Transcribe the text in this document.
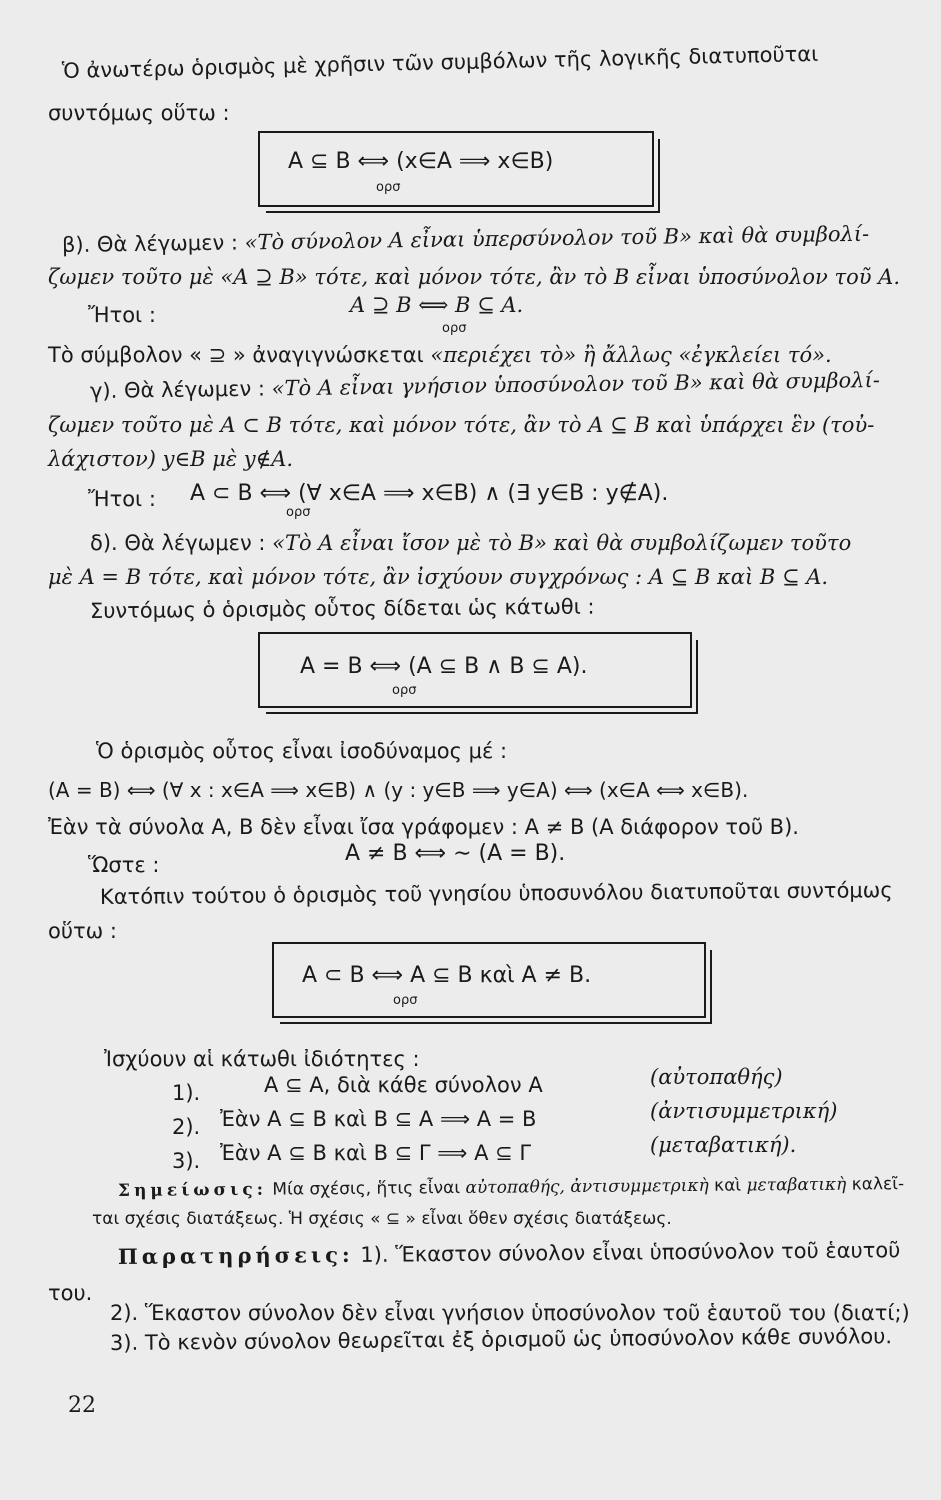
Ὁ ἀνωτέρω ὁρισμὸς μὲ χρῆσιν τῶν συμβόλων τῆς λογικῆς διατυποῦται
συντόμως οὕτω :
A ⊆ B ⟺ (x∈A ⟹ x∈B)
ορσ
β). Θὰ λέγωμεν : «Τὸ σύνολον A εἶναι ὑπερσύνολον τοῦ B» καὶ θὰ συμβολί-
ζωμεν τοῦτο μὲ «A ⊇ B» τότε, καὶ μόνον τότε, ἂν τὸ B εἶναι ὑποσύνολον τοῦ A.
Ἤτοι :	A ⊇ B ⟺ B ⊆ A.
ορσ
Τὸ σύμβολον « ⊇ » ἀναγιγνώσκεται «περιέχει τὸ» ἢ ἄλλως «ἐγκλείει τό».
γ). Θὰ λέγωμεν : «Τὸ A εἶναι γνήσιον ὑποσύνολον τοῦ B» καὶ θὰ συμβολί-
ζωμεν τοῦτο μὲ A ⊂ B τότε, καὶ μόνον τότε, ἂν τὸ A ⊆ B καὶ ὑπάρχει ἓν (τοὐ-
λάχιστον) y∈B μὲ y∉A.
Ἤτοι : A ⊂ B ⟺ (∀ x∈A ⟹ x∈B) ∧ (∃ y∈B : y∉A).
ορσ
δ). Θὰ λέγωμεν : «Τὸ A εἶναι ἴσον μὲ τὸ B» καὶ θὰ συμβολίζωμεν τοῦτο
μὲ A = B τότε, καὶ μόνον τότε, ἂν ἰσχύουν συγχρόνως : A ⊆ B καὶ B ⊆ A.
Συντόμως ὁ ὁρισμὸς οὗτος δίδεται ὡς κάτωθι :
A = B ⟺ (A ⊆ B ∧ B ⊆ A).
ορσ
Ὁ ὁρισμὸς οὗτος εἶναι ἰσοδύναμος μέ :
(A = B) ⟺ (∀ x : x∈A ⟹ x∈B) ∧ (y : y∈B ⟹ y∈A) ⟺ (x∈A ⟺ x∈B).
Ἐὰν τὰ σύνολα A, B δὲν εἶναι ἴσα γράφομεν : A ≠ B (A διάφορον τοῦ B).
Ὥστε :	A ≠ B ⟺ ∼ (A = B).
Κατόπιν τούτου ὁ ὁρισμὸς τοῦ γνησίου ὑποσυνόλου διατυποῦται συντόμως
οὕτω :
A ⊂ B ⟺ A ⊆ B καὶ A ≠ B.
ορσ
Ἰσχύουν αἱ κάτωθι ἰδιότητες :
1).	A ⊆ A, διὰ κάθε σύνολον A	(αὐτοπαθής)
2). Ἐὰν A ⊆ B καὶ B ⊆ A ⟹ A = B	(ἀντισυμμετρική)
3). Ἐὰν A ⊆ B καὶ B ⊆ Γ ⟹ A ⊆ Γ	(μεταβατική).
Σημείωσις: Μία σχέσις, ἥτις εἶναι αὐτοπαθής, ἀντισυμμετρικὴ καὶ μεταβατικὴ καλεῖ-
ται σχέσις διατάξεως. Ἡ σχέσις « ⊆ » εἶναι ὅθεν σχέσις διατάξεως.
Παρατηρήσεις: 1). Ἕκαστον σύνολον εἶναι ὑποσύνολον τοῦ ἑαυτοῦ
του.
2). Ἕκαστον σύνολον δὲν εἶναι γνήσιον ὑποσύνολον τοῦ ἑαυτοῦ του (διατί;)
3). Τὸ κενὸν σύνολον θεωρεῖται ἐξ ὁρισμοῦ ὡς ὑποσύνολον κάθε συνόλου.
22
